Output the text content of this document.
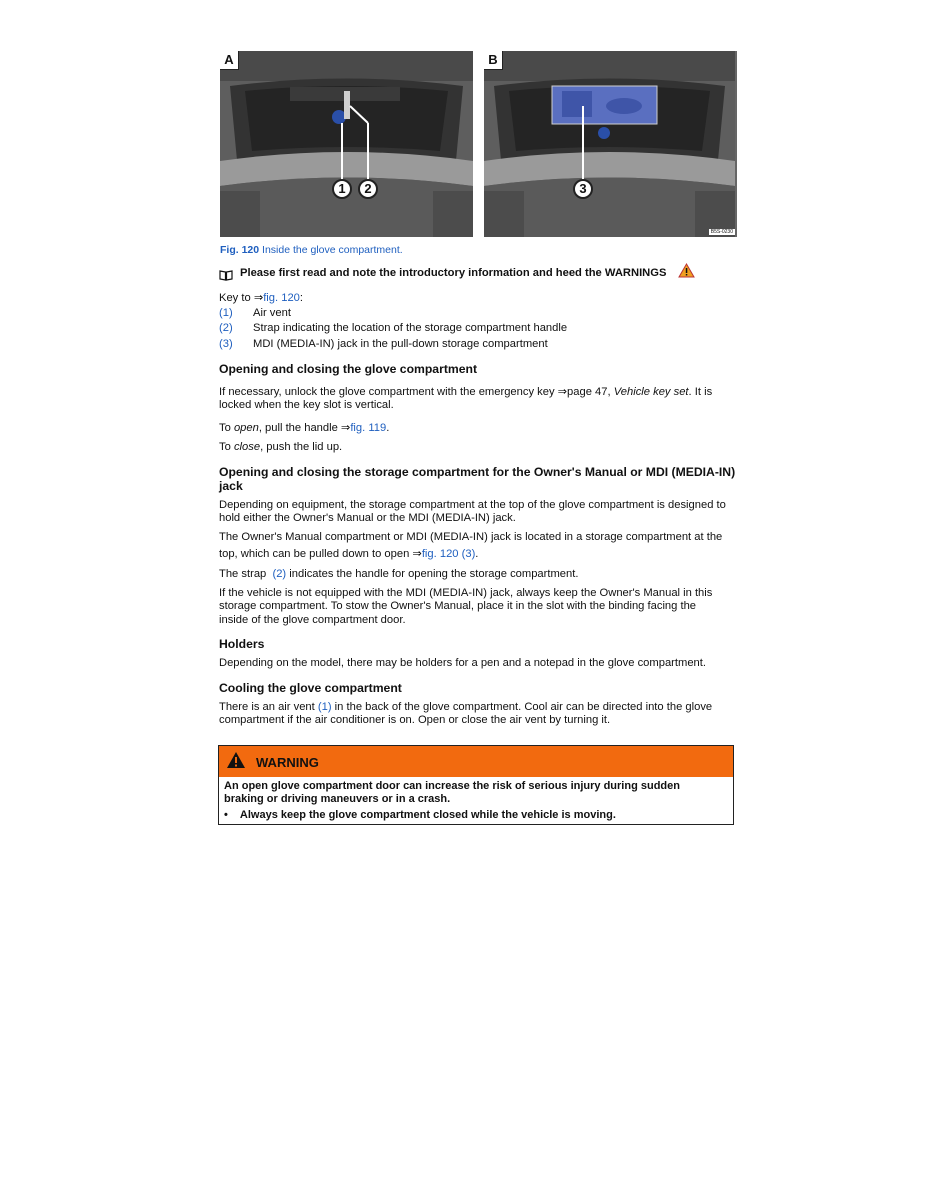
A
1	2
B
3
B5S-0230
Fig. 120 Inside the glove compartment.
Please first read and note the introductory information and heed the WARNINGS
Key to ⇒fig. 120:
(1) Air vent
(2) Strap indicating the location of the storage compartment handle
(3) MDI (MEDIA-IN) jack in the pull-down storage compartment
Opening and closing the glove compartment
If necessary, unlock the glove compartment with the emergency key ⇒page 47, Vehicle key set. It is
locked when the key slot is vertical.
To open, pull the handle ⇒fig. 119.
To close, push the lid up.
Opening and closing the storage compartment for the Owner's Manual or MDI (MEDIA-IN)
jack
Depending on equipment, the storage compartment at the top of the glove compartment is designed to
hold either the Owner's Manual or the MDI (MEDIA-IN) jack.
The Owner's Manual compartment or MDI (MEDIA-IN) jack is located in a storage compartment at the
top, which can be pulled down to open ⇒fig. 120 (3).
The strap  (2) indicates the handle for opening the storage compartment.
If the vehicle is not equipped with the MDI (MEDIA-IN) jack, always keep the Owner's Manual in this
storage compartment. To stow the Owner's Manual, place it in the slot with the binding facing the
inside of the glove compartment door.
Holders
Depending on the model, there may be holders for a pen and a notepad in the glove compartment.
Cooling the glove compartment
There is an air vent (1) in the back of the glove compartment. Cool air can be directed into the glove
compartment if the air conditioner is on. Open or close the air vent by turning it.
WARNING
An open glove compartment door can increase the risk of serious injury during sudden
braking or driving maneuvers or in a crash.
• Always keep the glove compartment closed while the vehicle is moving.
